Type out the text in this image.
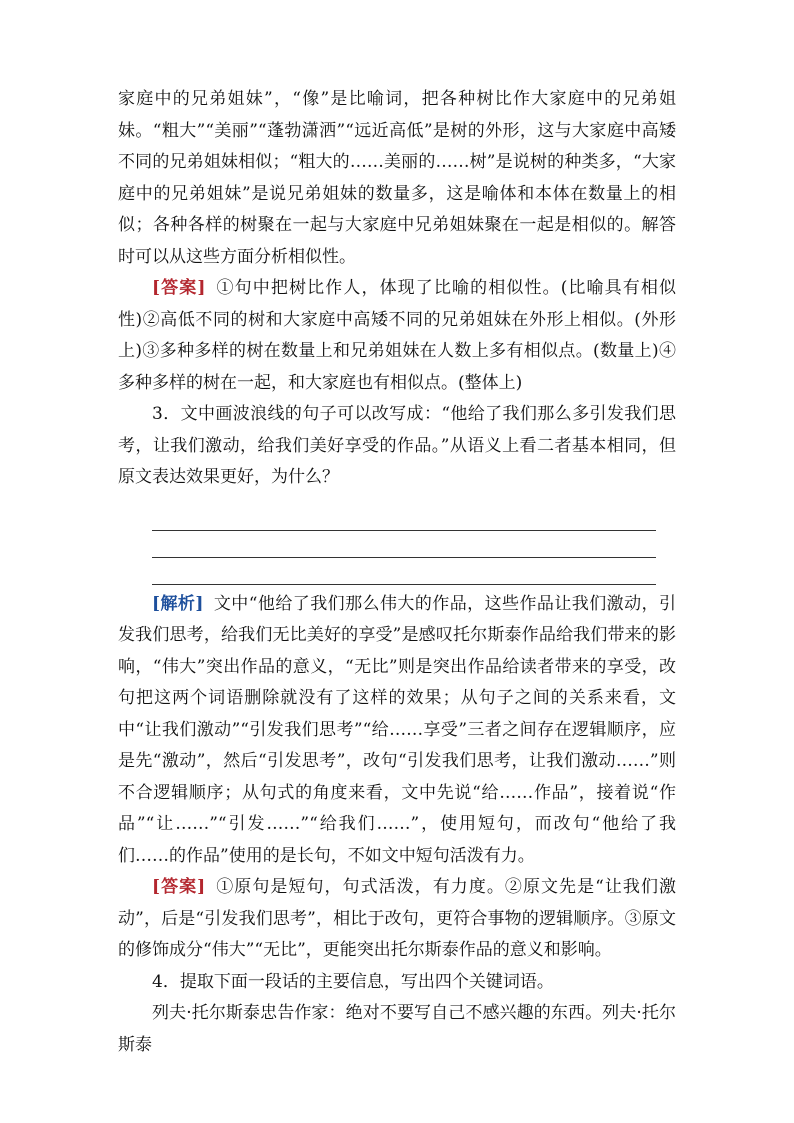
家庭中的兄弟姐妹”，“像”是比喻词，把各种树比作大家庭中的兄弟姐妹。“粗大”“美丽”“蓬勃潇洒”“远近高低”是树的外形，这与大家庭中高矮不同的兄弟姐妹相似；“粗大的……美丽的……树”是说树的种类多，“大家庭中的兄弟姐妹”是说兄弟姐妹的数量多，这是喻体和本体在数量上的相似；各种各样的树聚在一起与大家庭中兄弟姐妹聚在一起是相似的。解答时可以从这些方面分析相似性。

[答案] ①句中把树比作人，体现了比喻的相似性。(比喻具有相似性)②高低不同的树和大家庭中高矮不同的兄弟姐妹在外形上相似。(外形上)③多种多样的树在数量上和兄弟姐妹在人数上多有相似点。(数量上)④多种多样的树在一起，和大家庭也有相似点。(整体上)

3．文中画波浪线的句子可以改写成：“他给了我们那么多引发我们思考，让我们激动，给我们美好享受的作品。”从语义上看二者基本相同，但原文表达效果更好，为什么？

[解析] 文中“他给了我们那么伟大的作品，这些作品让我们激动，引发我们思考，给我们无比美好的享受”是感叹托尔斯泰作品给我们带来的影响，“伟大”突出作品的意义，“无比”则是突出作品给读者带来的享受，改句把这两个词语删除就没有了这样的效果；从句子之间的关系来看，文中“让我们激动”“引发我们思考”“给……享受”三者之间存在逻辑顺序，应是先“激动”，然后“引发思考”，改句“引发我们思考，让我们激动……”则不合逻辑顺序；从句式的角度来看，文中先说“给……作品”，接着说“作品”“让……”“引发……”“给我们……”，使用短句，而改句“他给了我们……的作品”使用的是长句，不如文中短句活泼有力。

[答案] ①原句是短句，句式活泼，有力度。②原文先是“让我们激动”，后是“引发我们思考”，相比于改句，更符合事物的逻辑顺序。③原文的修饰成分“伟大”“无比”，更能突出托尔斯泰作品的意义和影响。

4．提取下面一段话的主要信息，写出四个关键词语。

列夫·托尔斯泰忠告作家：绝对不要写自己不感兴趣的东西。列夫·托尔斯泰
